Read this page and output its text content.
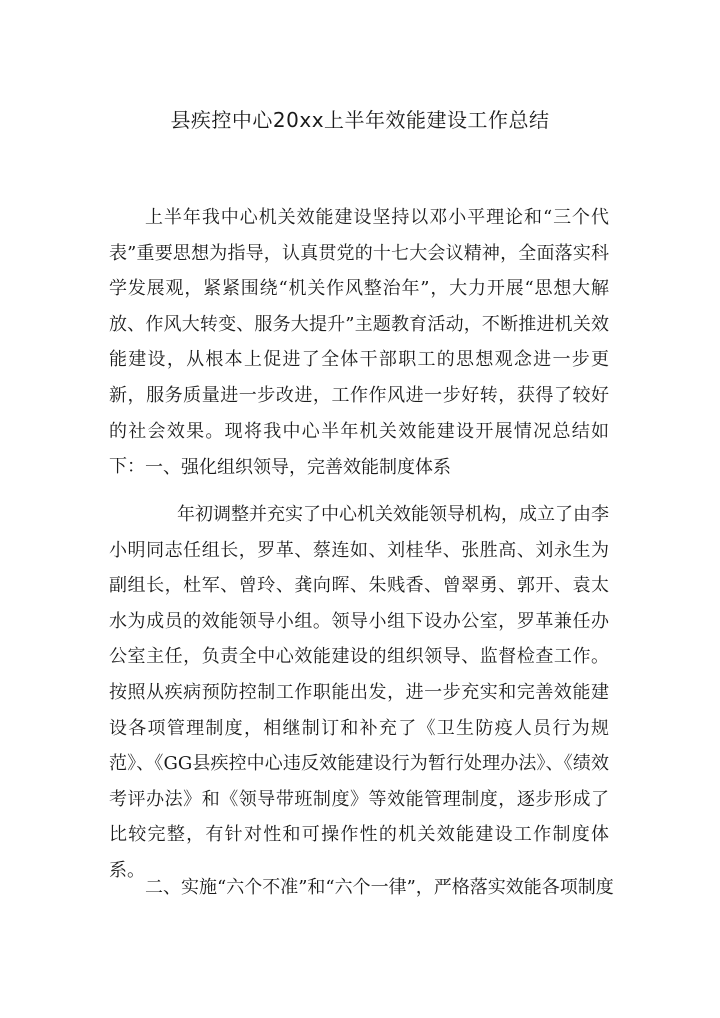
县疾控中心20xx上半年效能建设工作总结

上半年我中心机关效能建设坚持以邓小平理论和“三个代表”重要思想为指导，认真贯党的十七大会议精神，全面落实科学发展观，紧紧围绕“机关作风整治年”，大力开展“思想大解放、作风大转变、服务大提升”主题教育活动，不断推进机关效能建设，从根本上促进了全体干部职工的思想观念进一步更新，服务质量进一步改进，工作作风进一步好转，获得了较好的社会效果。现将我中心半年机关效能建设开展情况总结如下： 一、强化组织领导，完善效能制度体系

年初调整并充实了中心机关效能领导机构，成立了由李小明同志任组长，罗革、蔡连如、刘桂华、张胜高、刘永生为副组长，杜军、曾玲、龚向晖、朱贱香、曾翠勇、郭开、袁太水为成员的效能领导小组。领导小组下设办公室，罗革兼任办公室主任，负责全中心效能建设的组织领导、监督检查工作。按照从疾病预防控制工作职能出发，进一步充实和完善效能建设各项管理制度，相继制订和补充了《卫生防疫人员行为规范》、《GG县疾控中心违反效能建设行为暂行处理办法》、《绩效考评办法》和《领导带班制度》等效能管理制度，逐步形成了比较完整，有针对性和可操作性的机关效能建设工作制度体系。

二、实施“六个不准”和“六个一律”，严格落实效能各项制度
